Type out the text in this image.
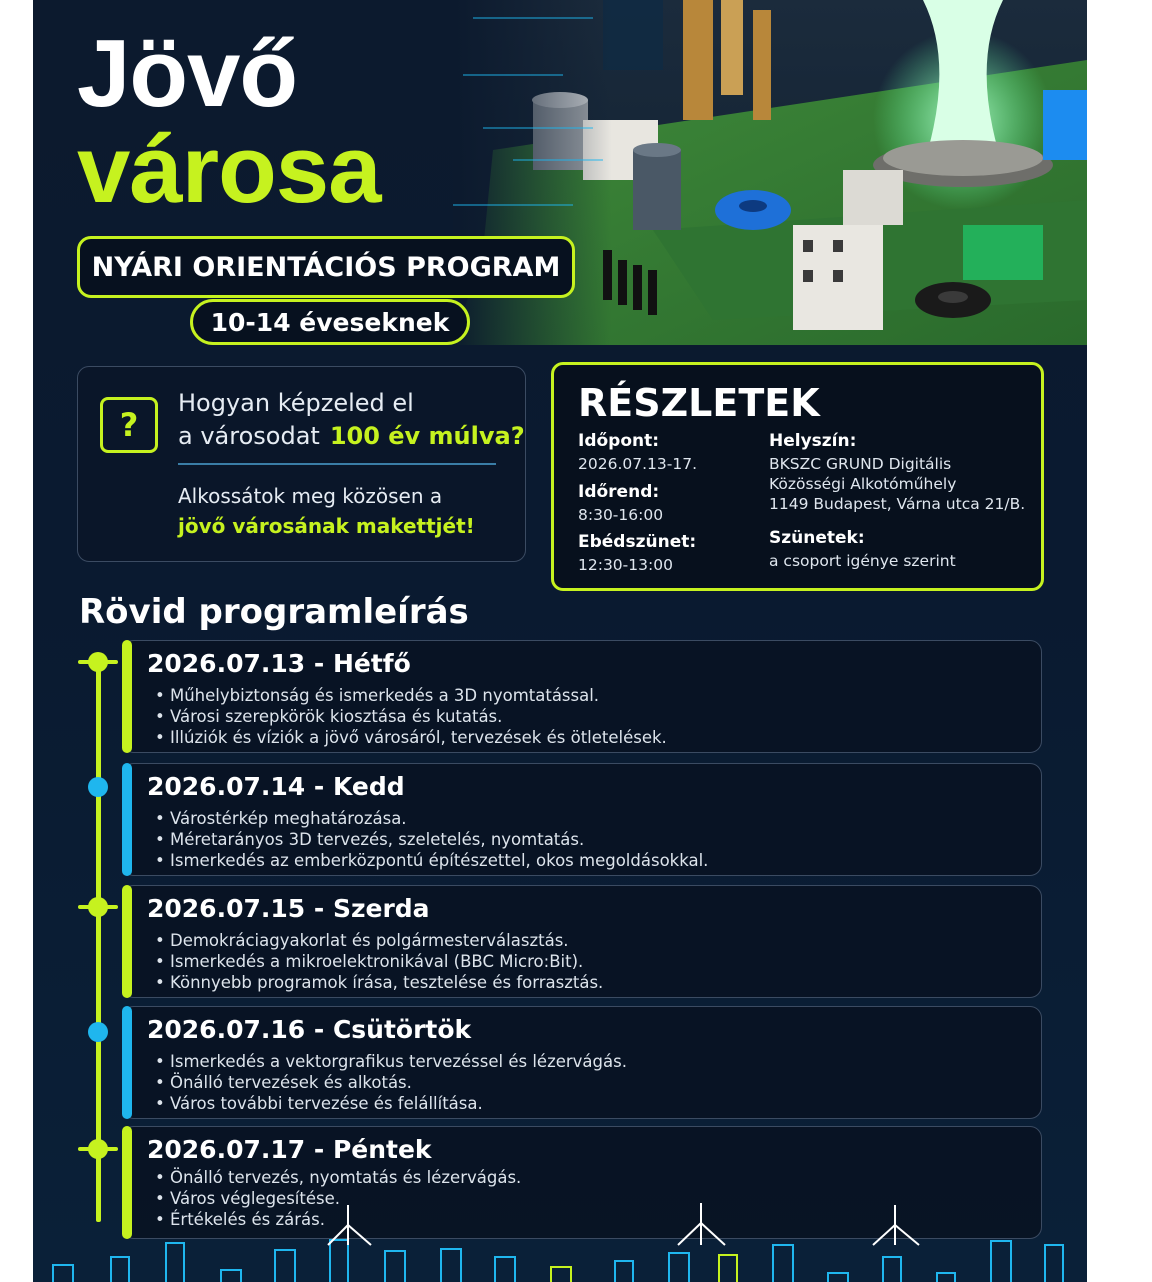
Jövő
városa
NYÁRI ORIENTÁCIÓS PROGRAM
10-14 éveseknek
?
Hogyan képzeled el
a városodat 100 év múlva?
Alkossátok meg közösen a
jövő városának makettjét!
RÉSZLETEK
Időpont:
2026.07.13-17.
Időrend:
8:30-16:00
Ebédszünet:
12:30-13:00
Helyszín:
BKSZC GRUND Digitális
Közösségi Alkotóműhely
1149 Budapest, Várna utca 21/B.
Szünetek:
a csoport igénye szerint
Rövid programleírás
2026.07.13 - Hétfő
• Műhelybiztonság és ismerkedés a 3D nyomtatással.
• Városi szerepkörök kiosztása és kutatás.
• Illúziók és víziók a jövő városáról, tervezések és ötletelések.
2026.07.14 - Kedd
• Várostérkép meghatározása.
• Méretarányos 3D tervezés, szeletelés, nyomtatás.
• Ismerkedés az emberközpontú építészettel, okos megoldásokkal.
2026.07.15 - Szerda
• Demokráciagyakorlat és polgármesterválasztás.
• Ismerkedés a mikroelektronikával (BBC Micro:Bit).
• Könnyebb programok írása, tesztelése és forrasztás.
2026.07.16 - Csütörtök
• Ismerkedés a vektorgrafikus tervezéssel és lézervágás.
• Önálló tervezések és alkotás.
• Város további tervezése és felállítása.
2026.07.17 - Péntek
• Önálló tervezés, nyomtatás és lézervágás.
• Város véglegesítése.
• Értékelés és zárás.
